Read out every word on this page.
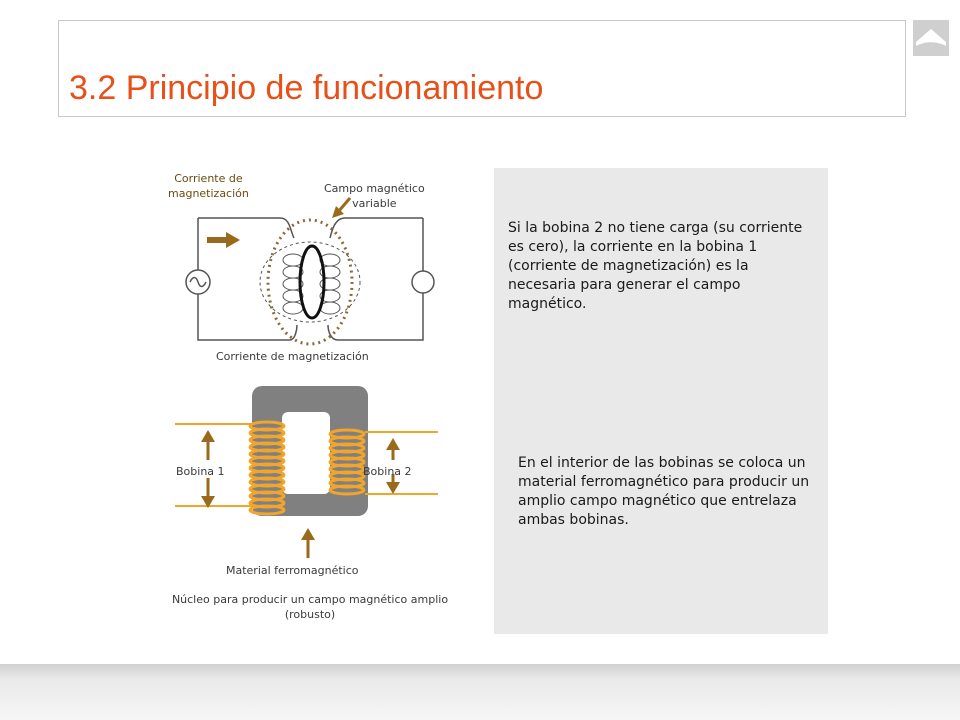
3.2 Principio de funcionamiento
Corriente de
magnetización	Campo magnético
variable
Corriente de magnetización
Bobina 1	Bobina 2
Material ferromagnético
Núcleo para producir un campo magnético amplio
(robusto)

Si la bobina 2 no tiene carga (su corriente es cero), la corriente en la bobina 1 (corriente de magnetización) es la necesaria para generar el campo magnético.

En el interior de las bobinas se coloca un material ferromagnético para producir un amplio campo magnético que entrelaza ambas bobinas.
